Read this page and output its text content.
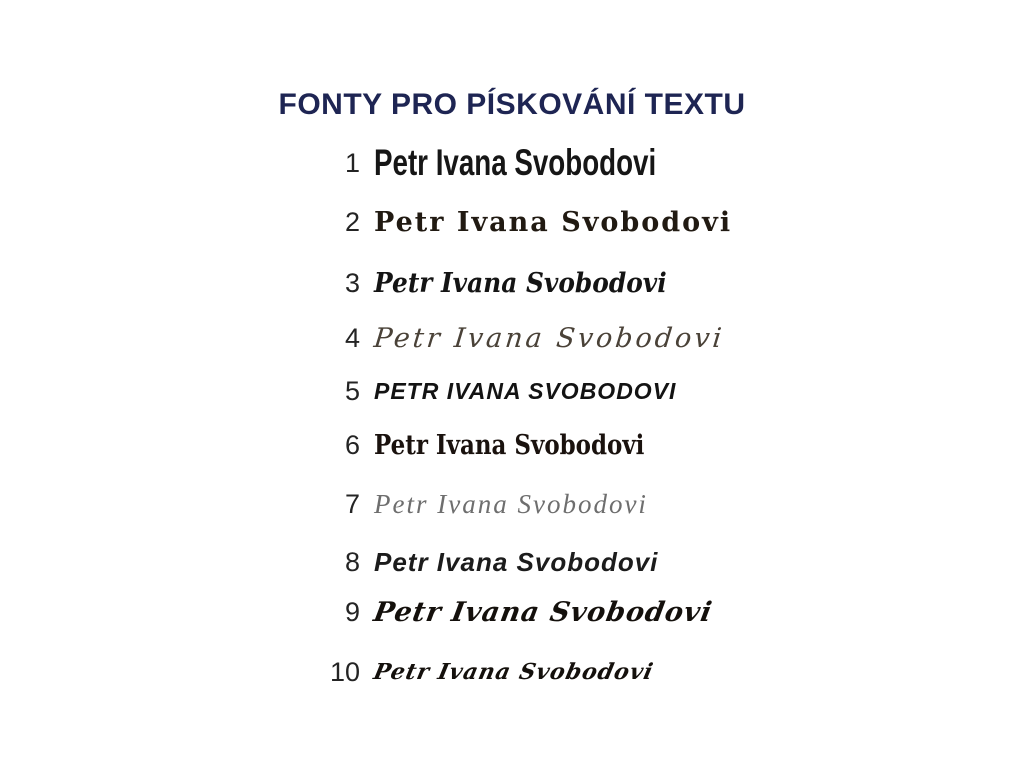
FONTY PRO PÍSKOVÁNÍ TEXTU
1 Petr Ivana Svobodovi
2 Petr Ivana Svobodovi
3 Petr Ivana Svobodovi
4 Petr Ivana Svobodovi
5 PETR IVANA SVOBODOVI
6 Petr Ivana Svobodovi
7 Petr Ivana Svobodovi
8 Petr Ivana Svobodovi
9 Petr Ivana Svobodovi
10 Petr Ivana Svobodovi
